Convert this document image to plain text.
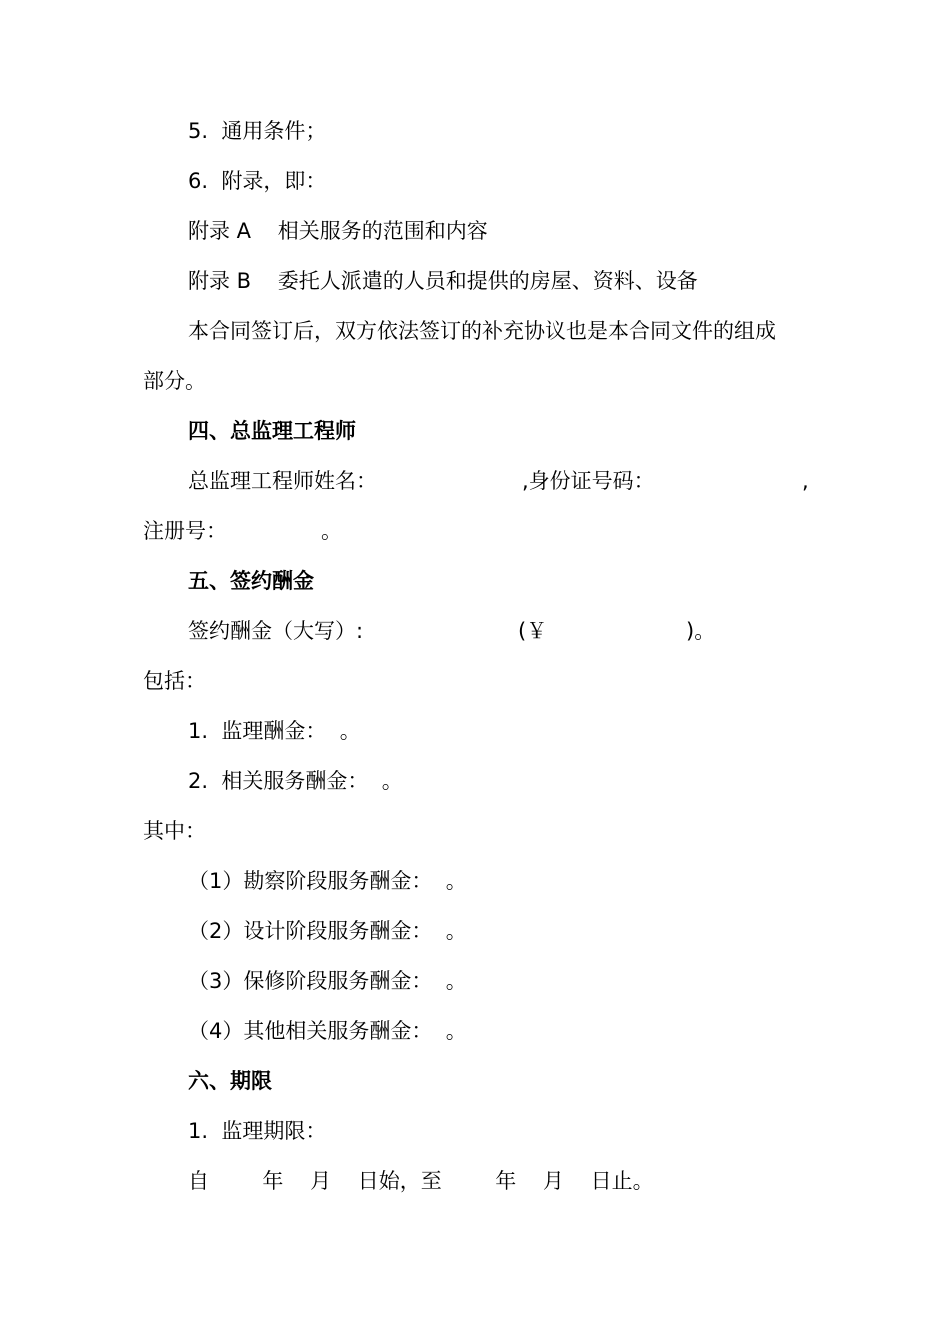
5.  通用条件；
6.  附录，即：
附录 A    相关服务的范围和内容
附录 B    委托人派遣的人员和提供的房屋、资料、设备
本合同签订后，双方依法签订的补充协议也是本合同文件的组成
部分。
四、总监理工程师
总监理工程师姓名：	,身份证号码：	,
注册号：	。
五、签约酬金
签约酬金（大写）:	(￥	)。
包括：
1.  监理酬金：  。
2.  相关服务酬金：  。
其中：
（1）勘察阶段服务酬金：  。
（2）设计阶段服务酬金：  。
（3）保修阶段服务酬金：  。
（4）其他相关服务酬金：  。
六、期限
1.  监理期限：
自        年    月    日始，至        年    月    日止。
